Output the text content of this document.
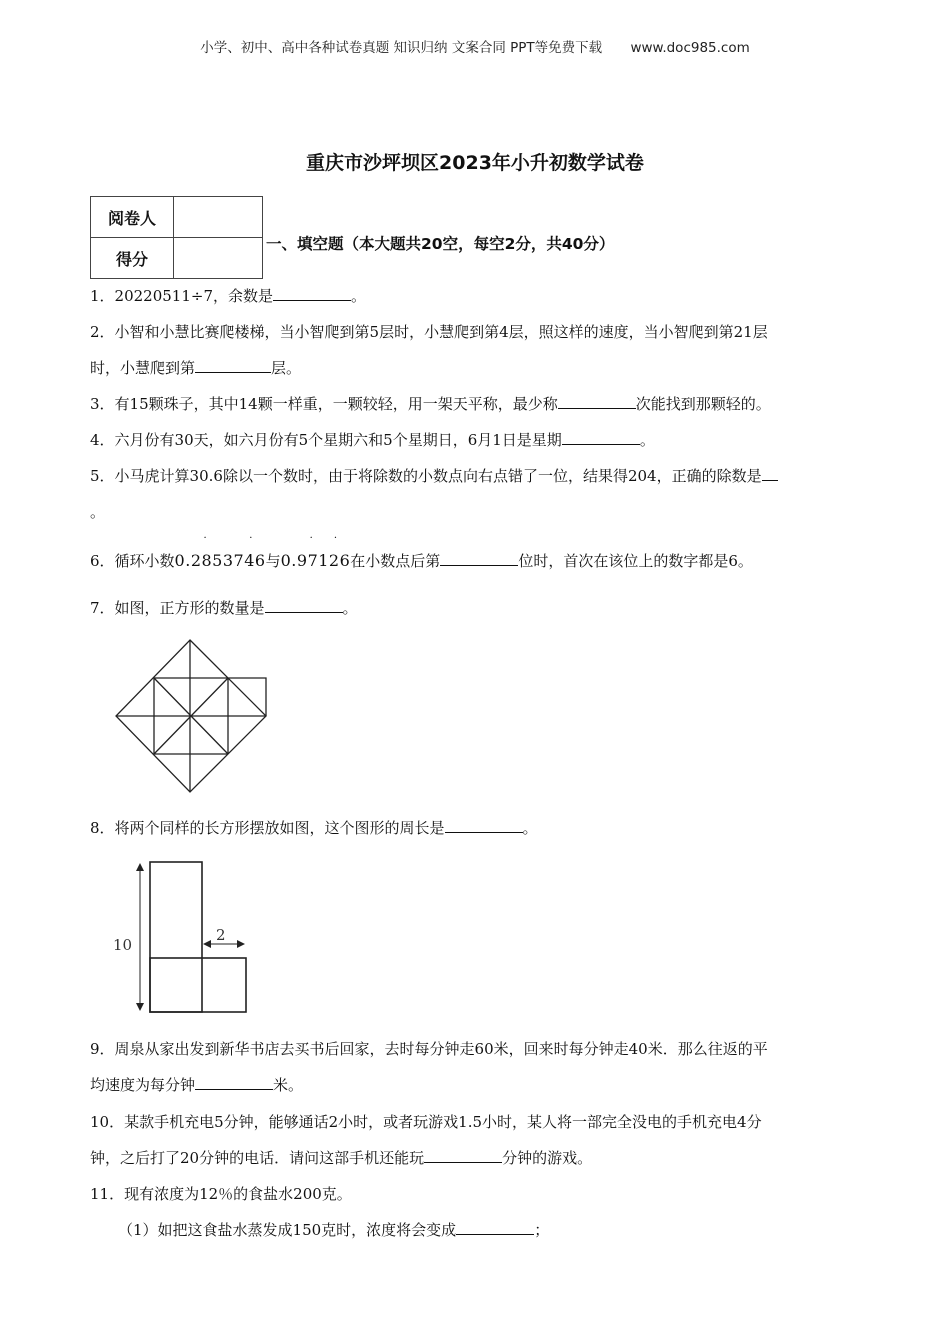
小学、初中、高中各种试卷真题 知识归纳 文案合同 PPT等免费下载 www.doc985.com
重庆市沙坪坝区2023年小升初数学试卷
阅卷人	
得分	
一、填空题（本大题共20空，每空2分，共40分）
1．20220511÷7，余数是	。
2．小智和小慧比赛爬楼梯，当小智爬到第5层时，小慧爬到第4层，照这样的速度，当小智爬到第21层
时，小慧爬到第	层。
3．有15颗珠子，其中14颗一样重，一颗较轻，用一架天平称，最少称	次能找到那颗轻的。
4．六月份有30天，如六月份有5个星期六和5个星期日，6月1日是星期	。
5．小马虎计算30.6除以一个数时，由于将除数的小数点向右点错了一位，结果得204，正确的除数是
。
6．循环小数0.2
·
85374
·
6与0.9
·
712
·
6在小数点后第	位时，首次在该位上的数字都是6。
7．如图，正方形的数量是	。
8．将两个同样的长方形摆放如图，这个图形的周长是	。
10
2
9．周泉从家出发到新华书店去买书后回家，去时每分钟走60米，回来时每分钟走40米．那么往返的平
均速度为每分钟	米。
10．某款手机充电5分钟，能够通话2小时，或者玩游戏1.5小时，某人将一部完全没电的手机充电4分
钟，之后打了20分钟的电话．请问这部手机还能玩	分钟的游戏。
11．现有浓度为12％的食盐水200克。
（1）如把这食盐水蒸发成150克时，浓度将会变成	；
